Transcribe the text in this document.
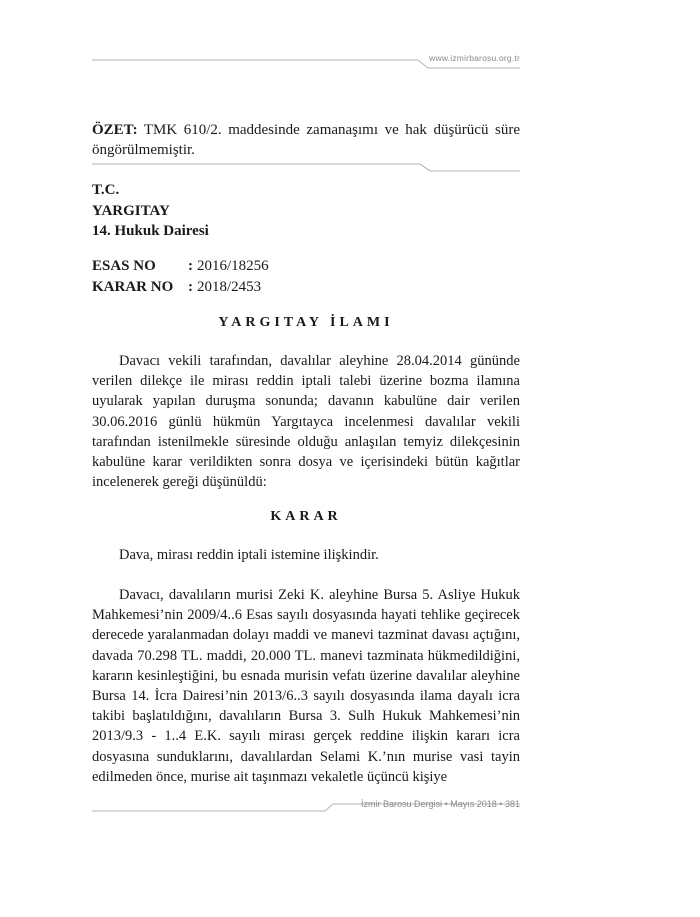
www.izmirbarosu.org.tr
ÖZET: TMK 610/2. maddesinde zamanaşımı ve hak düşürücü süre öngörülmemiştir.
T.C.
YARGITAY
14. Hukuk Dairesi
ESAS NO	: 2016/18256
KARAR NO : 2018/2453
YARGITAY İLAMI

Davacı vekili tarafından, davalılar aleyhine 28.04.2014 gününde verilen dilekçe ile mirası reddin iptali talebi üzerine bozma ilamına uyularak yapılan duruşma sonunda; davanın kabulüne dair verilen 30.06.2016 günlü hükmün Yargıtayca incelenmesi davalılar vekili tarafından istenilmekle süresinde olduğu anlaşılan temyiz dilekçesinin kabulüne karar verildikten sonra dosya ve içerisindeki bütün kağıtlar incelenerek gereği düşünüldü:

KARAR

Dava, mirası reddin iptali istemine ilişkindir.

Davacı, davalıların murisi Zeki K. aleyhine Bursa 5. Asliye Hukuk Mahkemesi’nin 2009/4..6 Esas sayılı dosyasında hayati tehlike geçirecek derecede yaralanmadan dolayı maddi ve manevi tazminat davası açtığını, davada 70.298 TL. maddi, 20.000 TL. manevi tazminata hükmedildiğini, kararın kesinleştiğini, bu esnada murisin vefatı üzerine davalılar aleyhine Bursa 14. İcra Dairesi’nin 2013/6..3 sayılı dosyasında ilama dayalı icra takibi başlatıldığını, davalıların Bursa 3. Sulh Hukuk Mahkemesi’nin 2013/9.3 - 1..4 E.K. sayılı mirası gerçek reddine ilişkin kararı icra dosyasına sunduklarını, davalılardan Selami K.’nın murise vasi tayin edilmeden önce, murise ait taşınmazı vekaletle üçüncü kişiye

İzmir Barosu Dergisi • Mayıs 2018 • 381
